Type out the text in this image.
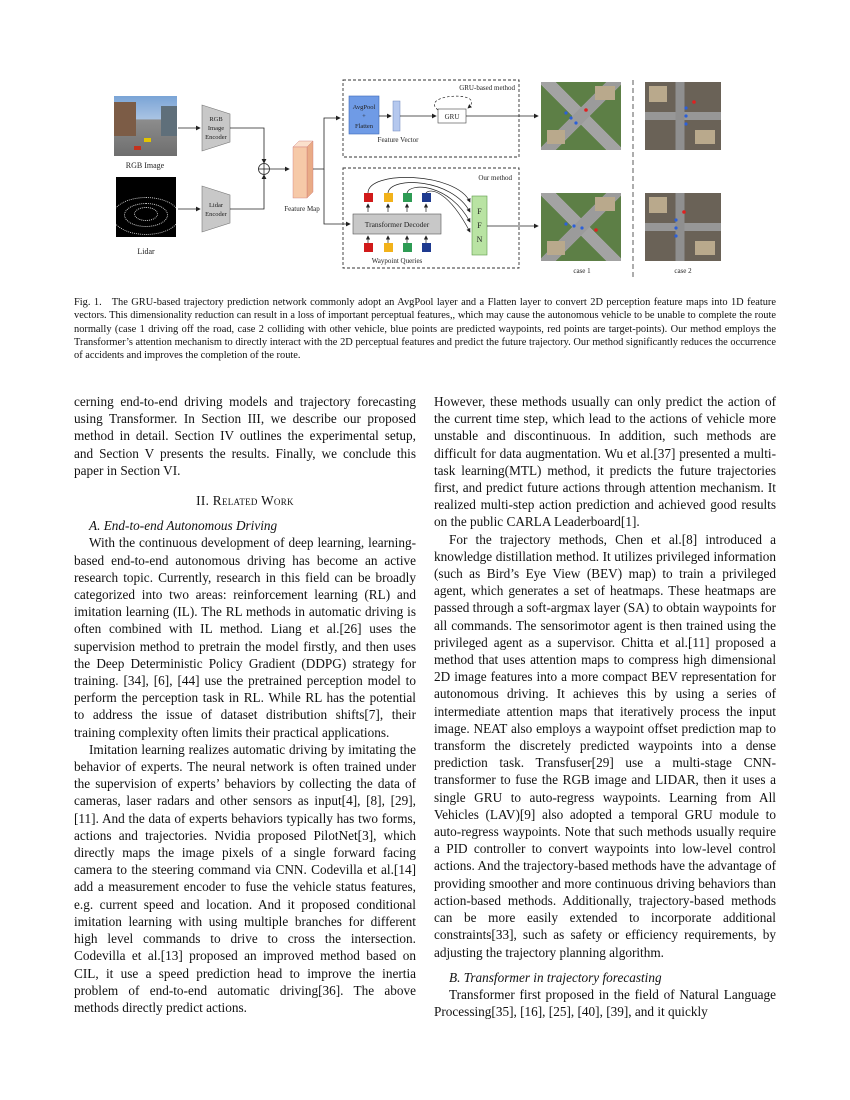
RGB Image
Lidar
RGB
Image
Encoder
Lidar
Encoder
Feature Map
GRU-based method
AvgPool
+
Flatten
Feature Vector
GRU
Our method
Transformer Decoder
Waypoint Queries
F
F
N
case 1	case 2
Fig. 1. The GRU-based trajectory prediction network commonly adopt an AvgPool layer and a Flatten layer to convert 2D perception feature maps into 1D feature vectors. This dimensionality reduction can result in a loss of important perceptual features,, which may cause the autonomous vehicle to be unable to complete the route normally (case 1 driving off the road, case 2 colliding with other vehicle, blue points are predicted waypoints, red points are target-points). Our method employs the Transformer’s attention mechanism to directly interact with the 2D perceptual features and predict the future trajectory. Our method significantly reduces the occurrence of accidents and improves the completion of the route.

cerning end-to-end driving models and trajectory forecasting using Transformer. In Section III, we describe our proposed method in detail. Section IV outlines the experimental setup, and Section V presents the results. Finally, we conclude this paper in Section VI.

II. Related Work

A. End-to-end Autonomous Driving

With the continuous development of deep learning, learning-based end-to-end autonomous driving has become an active research topic. Currently, research in this field can be broadly categorized into two areas: reinforcement learning (RL) and imitation learning (IL). The RL methods in automatic driving is often combined with IL method. Liang et al.[26] uses the supervision method to pretrain the model firstly, and then uses the Deep Deterministic Policy Gradient (DDPG) strategy for training. [34], [6], [44] use the pretrained perception model to perform the perception task in RL. While RL has the potential to address the issue of dataset distribution shifts[7], their training complexity often limits their practical applications.

Imitation learning realizes automatic driving by imitating the behavior of experts. The neural network is often trained under the supervision of experts’ behaviors by collecting the data of cameras, laser radars and other sensors as input[4], [8], [29], [11]. And the data of experts behaviors typically has two forms, actions and trajectories. Nvidia proposed PilotNet[3], which directly maps the image pixels of a single forward facing camera to the steering command via CNN. Codevilla et al.[14] add a measurement encoder to fuse the vehicle status features, e.g. current speed and location. And it proposed conditional imitation learning with using multiple branches for different high level commands to drive to cross the intersection. Codevilla et al.[13] proposed an improved method based on CIL, it use a speed prediction head to improve the inertia problem of end-to-end automatic driving[36]. The above methods directly predict actions.

However, these methods usually can only predict the action of the current time step, which lead to the actions of vehicle more unstable and discontinuous. In addition, such methods are difficult for data augmentation. Wu et al.[37] presented a multi-task learning(MTL) method, it predicts the future trajectories first, and predict future actions through attention mechanism. It realized multi-step action prediction and achieved good results on the public CARLA Leaderboard[1].

For the trajectory methods, Chen et al.[8] introduced a knowledge distillation method. It utilizes privileged information (such as Bird’s Eye View (BEV) map) to train a privileged agent, which generates a set of heatmaps. These heatmaps are passed through a soft-argmax layer (SA) to obtain waypoints for all commands. The sensorimotor agent is then trained using the privileged agent as a supervisor. Chitta et al.[11] proposed a method that uses attention maps to compress high dimensional 2D image features into a more compact BEV representation for autonomous driving. It achieves this by using a series of intermediate attention maps that iteratively process the input image. NEAT also employs a waypoint offset prediction map to transform the discretely predicted waypoints into a dense prediction task. Transfuser[29] use a multi-stage CNN-transformer to fuse the RGB image and LIDAR, then it uses a single GRU to auto-regress waypoints. Learning from All Vehicles (LAV)[9] also adopted a temporal GRU module to auto-regress waypoints. Note that such methods usually require a PID controller to convert waypoints into low-level control actions. And the trajectory-based methods have the advantage of providing smoother and more continuous driving behaviors than action-based methods. Additionally, trajectory-based methods can be more easily extended to incorporate additional constraints[33], such as safety or efficiency requirements, by adjusting the trajectory planning algorithm.

B. Transformer in trajectory forecasting

Transformer first proposed in the field of Natural Language Processing[35], [16], [25], [40], [39], and it quickly
